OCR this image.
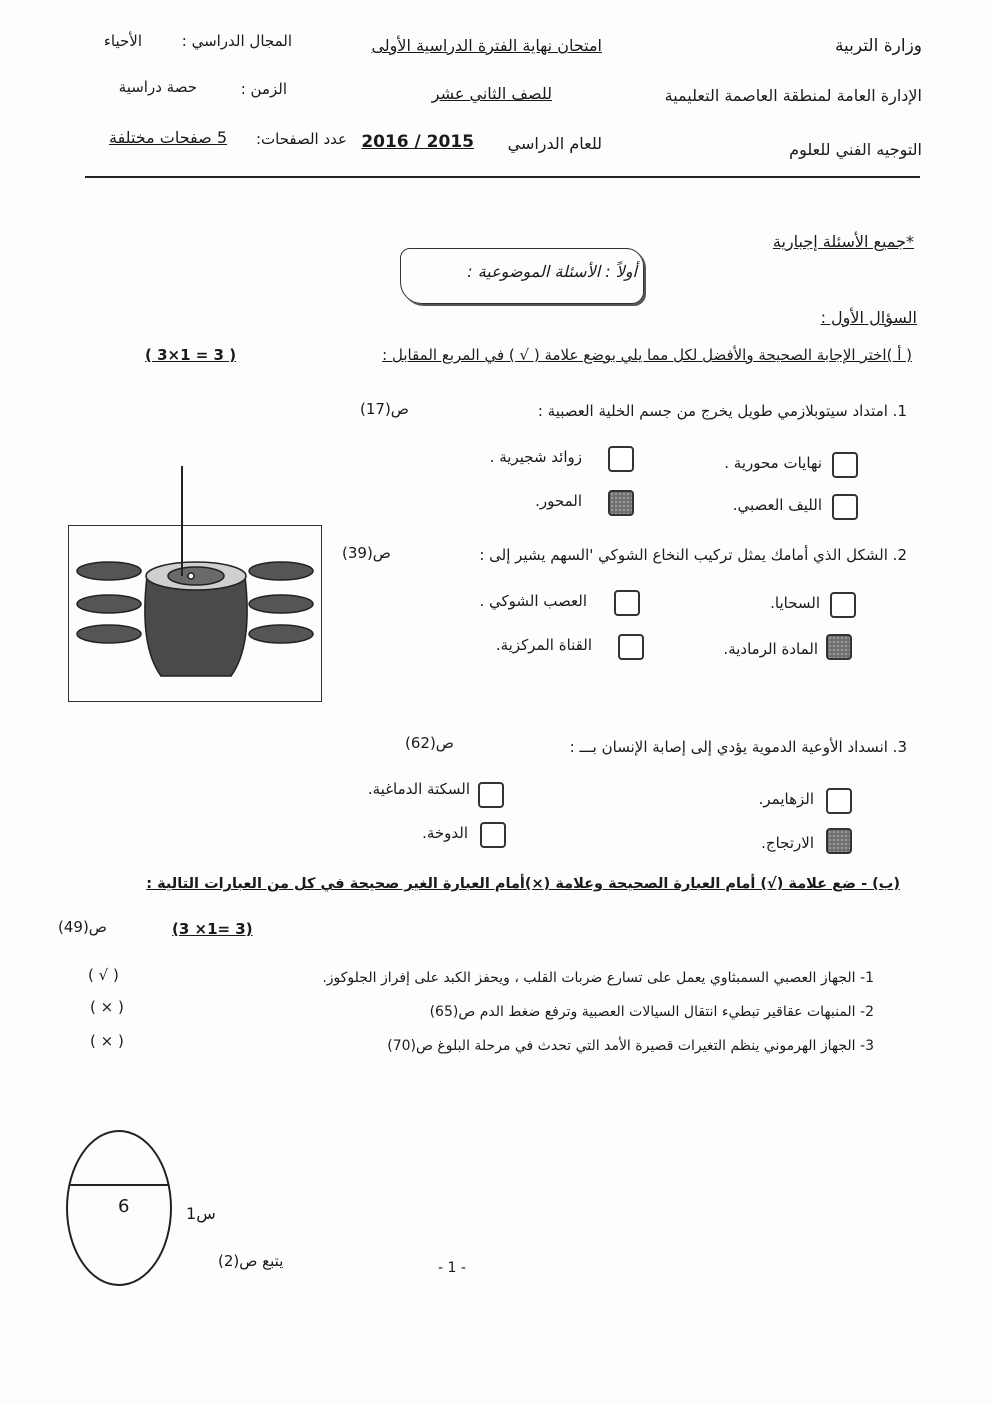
وزارة التربية
الإدارة العامة لمنطقة العاصمة التعليمية
التوجيه الفني للعلوم
امتحان نهاية الفترة الدراسية الأولى
للصف الثاني عشر
للعام الدراسي
2016 / 2015
المجال الدراسي :
الأحياء
الزمن :
حصة دراسية
عدد الصفحات:
5 صفحات مختلفة
*جميع الأسئلة إجبارية
أولاً : الأسئلة الموضوعية :
السؤال الأول :
( أ )اختر الإجابة الصحيحة والأفضل لكل مما يلي بوضع علامة ( √ ) في المربع المقابل :
( 3×1 = 3 )
1. امتداد سيتوبلازمي طويل يخرج من جسم الخلية العصبية :
ص(17)
نهايات محورية .
زوائد شجيرية .
الليف العصبي.
المحور.
2. الشكل الذي أمامك يمثل تركيب النخاع الشوكي 'السهم يشير إلى :
ص(39)
السحايا.
العصب الشوكي .
المادة الرمادية.
القناة المركزية.
3. انسداد الأوعية الدموية يؤدي إلى إصابة الإنسان بـــ :
ص(62)
الزهايمر.
السكتة الدماغية.
الارتجاج.
الدوخة.
(ب) - ضع علامة (√) أمام العبارة الصحيحة وعلامة (×)أمام العبارة الغير صحيحة في كل من العبارات التالية :
(3 ×1= 3)
ص(49)
1- الجهاز العصبي السمبثاوي يعمل على تسارع ضربات القلب ، ويحفز الكبد على إفراز الجلوكوز.
( √ )
2- المنبهات عقاقير تبطيء انتقال السيالات العصبية وترفع ضغط الدم ص(65)
( × )
3- الجهاز الهرموني ينظم التغيرات قصيرة الأمد التي تحدث في مرحلة البلوغ ص(70)
( × )
6	س1
يتبع ص(2)	- 1 -
